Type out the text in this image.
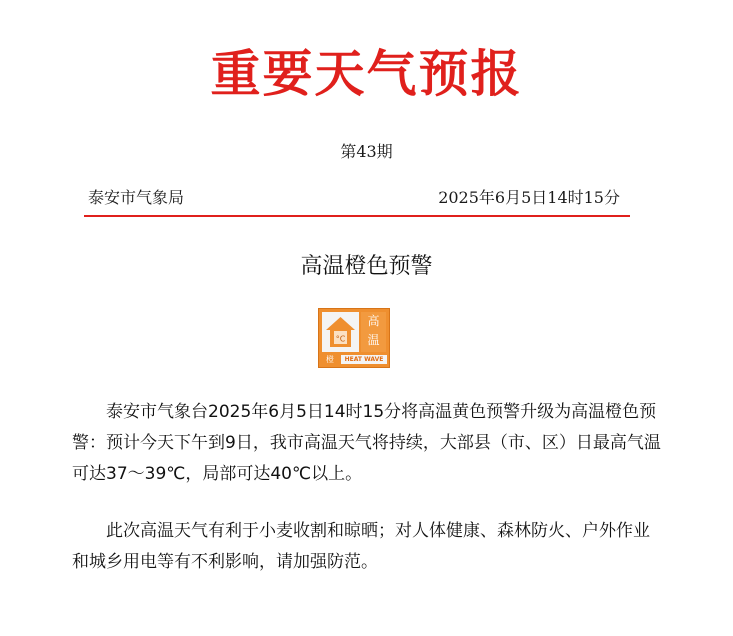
重要天气预报
第43期
泰安市气象局	2025年6月5日14时15分
高温橙色预警
°C
高
温
橙	HEAT WAVE
泰安市气象台2025年6月5日14时15分将高温黄色预警升级为高温橙色预警：预计今天下午到9日，我市高温天气将持续，大部县（市、区）日最高气温可达37～39℃，局部可达40℃以上。
此次高温天气有利于小麦收割和晾晒；对人体健康、森林防火、户外作业和城乡用电等有不利影响，请加强防范。
